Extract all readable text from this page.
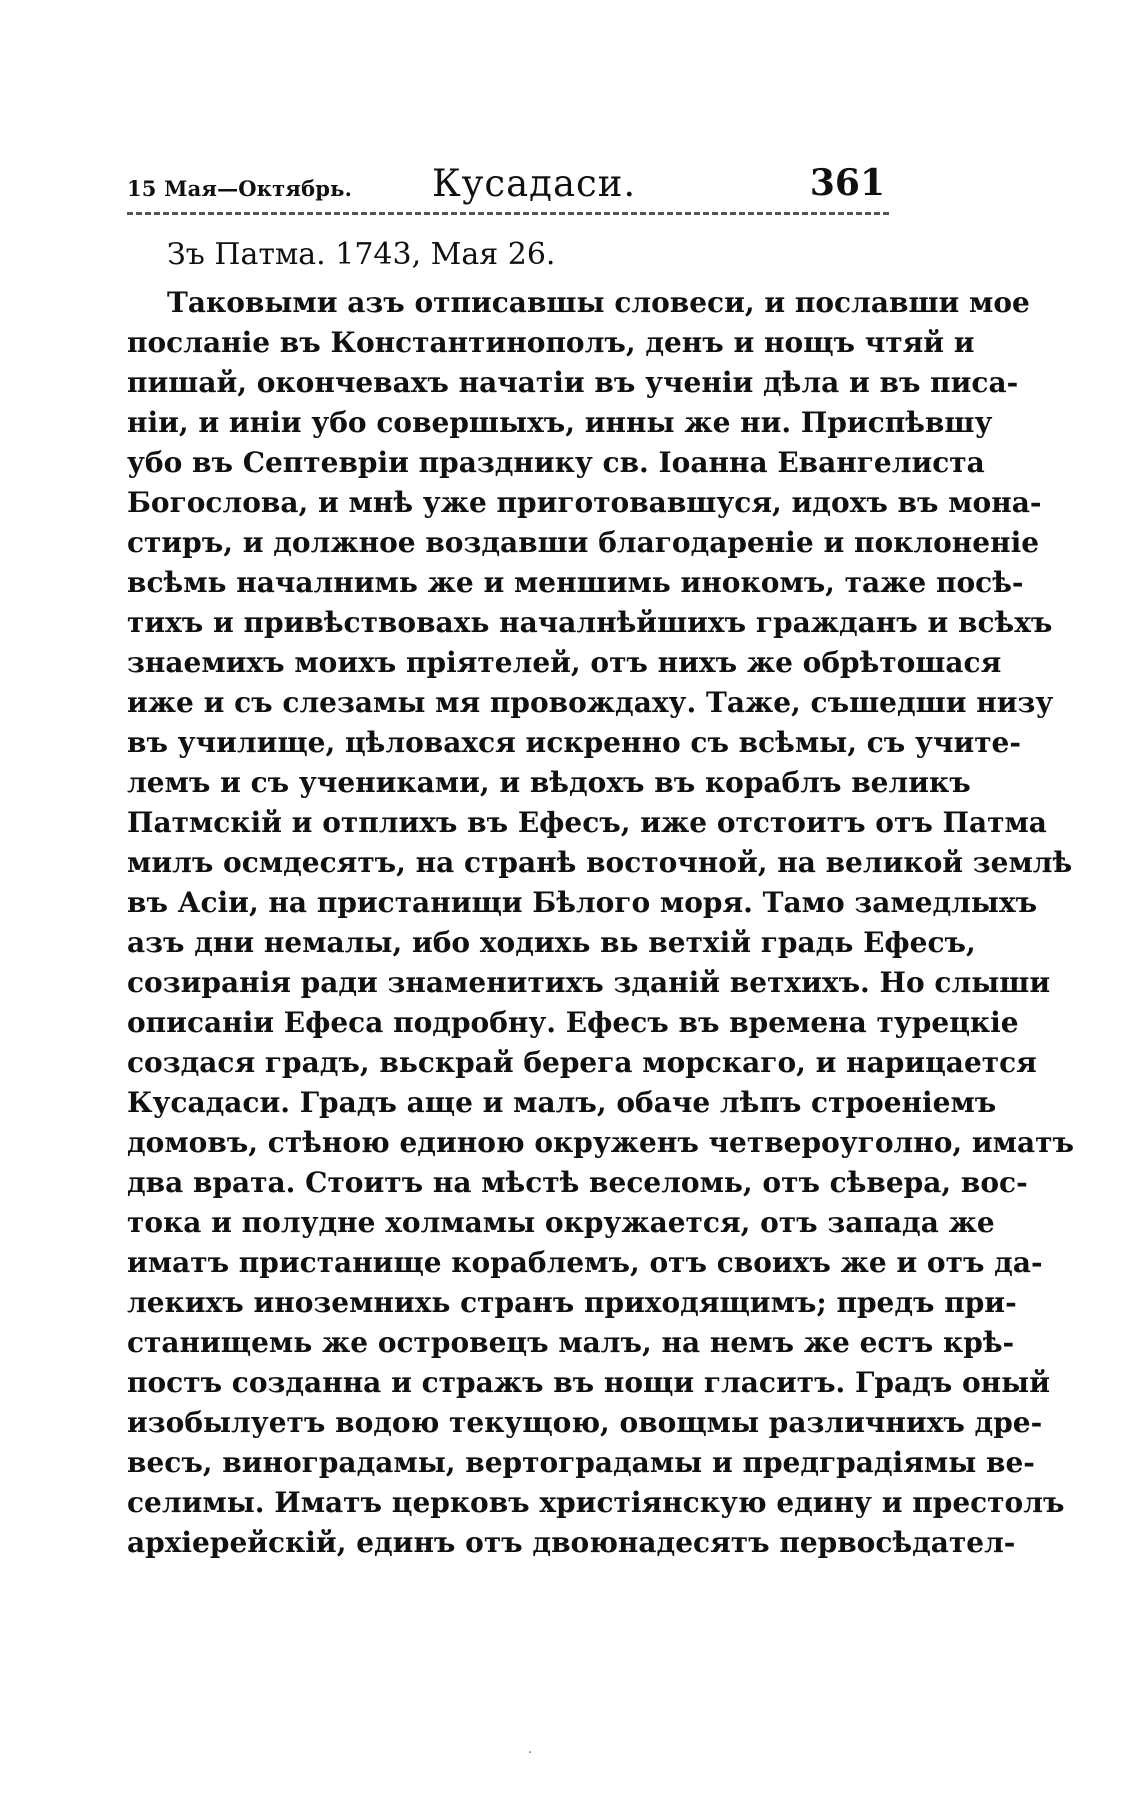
15 Мая—Октябрь. Кусадаси.	361
Зъ Патма. 1743, Мая 26.
Таковыми азъ отписавшы словеси, и пославши мое
посланіе въ Константинополъ, денъ и нощъ чтяй и
пишай, окончевахъ начатіи въ ученіи дѣла и въ писа-
ніи, и иніи убо совершыхъ, инны же ни. Приспѣвшу
убо въ Септевріи празднику св. Іоанна Евангелиста
Богослова, и мнѣ уже приготовавшуся, идохъ въ мона-
стиръ, и должное воздавши благодареніе и поклоненіе
всѣмь началнимь же и меншимь инокомъ, таже посѣ-
тихъ и привѣствовахь началнѣйшихъ гражданъ и всѣхъ
знаемихъ моихъ пріятелей, отъ нихъ же обрѣтошася
иже и съ слезамы мя провождаху. Таже, съшедши низу
въ училище, цѣловахся искренно съ всѣмы, съ учите-
лемъ и съ учениками, и вѣдохъ въ кораблъ великъ
Патмскій и отплихъ въ Ефесъ, иже отстоитъ отъ Патма
милъ осмдесятъ, на странѣ восточной, на великой землѣ
въ Асіи, на пристанищи Бѣлого моря. Тамо замедлыхъ
азъ дни немалы, ибо ходихь вь ветхій градь Ефесъ,
созиранія ради знаменитихъ зданій ветхихъ. Но слыши
описаніи Ефеса подробну. Ефесъ въ времена турецкіе
создася градъ, вьскрай берега морскаго, и нарицается
Кусадаси. Градъ аще и малъ, обаче лѣпъ строеніемъ
домовъ, стѣною единою окруженъ четвероуголно, иматъ
два врата. Стоитъ на мѣстѣ веселомь, отъ сѣвера, вос-
тока и полудне холмамы окружается, отъ запада же
иматъ пристанище кораблемъ, отъ своихъ же и отъ да-
лекихъ иноземнихь странъ приходящимъ; предъ при-
станищемь же островецъ малъ, на немъ же естъ крѣ-
постъ созданна и стражъ въ нощи гласитъ. Градъ оный
изобылуетъ водою текущою, овощмы различнихъ дре-
весъ, виноградамы, вертоградамы и предградіямы ве-
селимы. Иматъ церковъ христіянскую едину и престолъ
архіерейскій, единъ отъ двоюнадесятъ первосѣдател-
·
